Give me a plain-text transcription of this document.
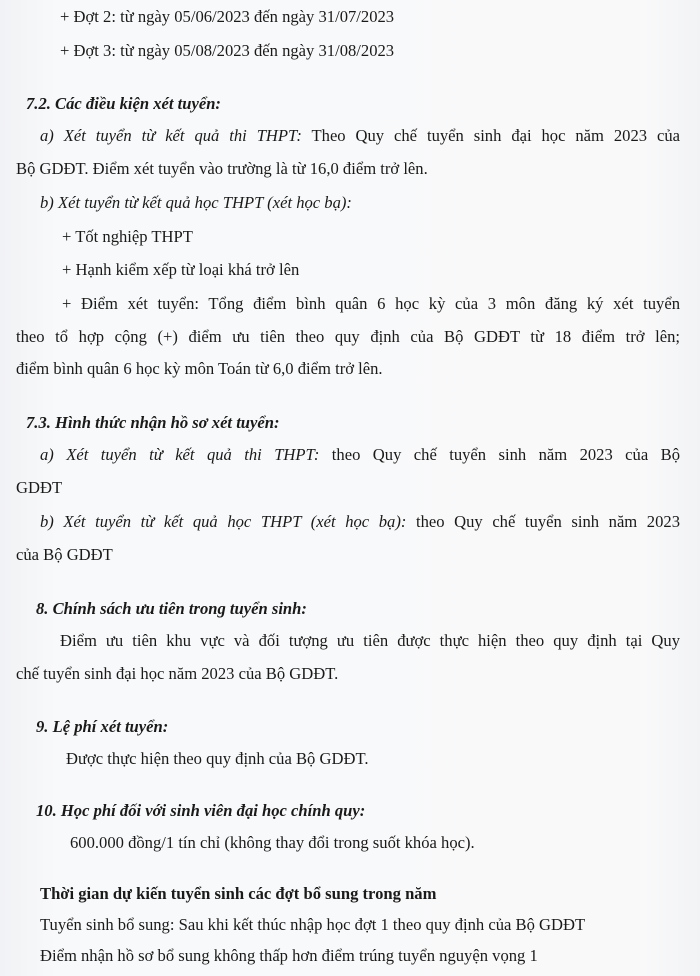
+ Đợt 2: từ ngày 05/06/2023 đến ngày 31/07/2023
+ Đợt 3: từ ngày 05/08/2023 đến ngày 31/08/2023
7.2. Các điều kiện xét tuyển:
a) Xét tuyển từ kết quả thi THPT: Theo Quy chế tuyển sinh đại học năm 2023 của
Bộ GDĐT. Điểm xét tuyển vào trường là từ 16,0 điểm trở lên.
b) Xét tuyển từ kết quả học THPT (xét học bạ):
+ Tốt nghiệp THPT
+ Hạnh kiểm xếp từ loại khá trở lên
+ Điểm xét tuyển: Tổng điểm bình quân 6 học kỳ của 3 môn đăng ký xét tuyển
theo tổ hợp cộng (+) điểm ưu tiên theo quy định của Bộ GDĐT từ 18 điểm trở lên;
điểm bình quân 6 học kỳ môn Toán từ 6,0 điểm trở lên.
7.3. Hình thức nhận hồ sơ xét tuyển:
a) Xét tuyển từ kết quả thi THPT: theo Quy chế tuyển sinh năm 2023 của Bộ
GDĐT
b) Xét tuyển từ kết quả học THPT (xét học bạ): theo Quy chế tuyển sinh năm 2023
của Bộ GDĐT
8. Chính sách ưu tiên trong tuyển sinh:
Điểm ưu tiên khu vực và đối tượng ưu tiên được thực hiện theo quy định tại Quy
chế tuyển sinh đại học năm 2023 của Bộ GDĐT.
9. Lệ phí xét tuyển:
Được thực hiện theo quy định của Bộ GDĐT.
10. Học phí đối với sinh viên đại học chính quy:
600.000 đồng/1 tín chỉ (không thay đổi trong suốt khóa học).
Thời gian dự kiến tuyển sinh các đợt bổ sung trong năm
Tuyển sinh bổ sung: Sau khi kết thúc nhập học đợt 1 theo quy định của Bộ GDĐT
Điểm nhận hồ sơ bổ sung không thấp hơn điểm trúng tuyển nguyện vọng 1
